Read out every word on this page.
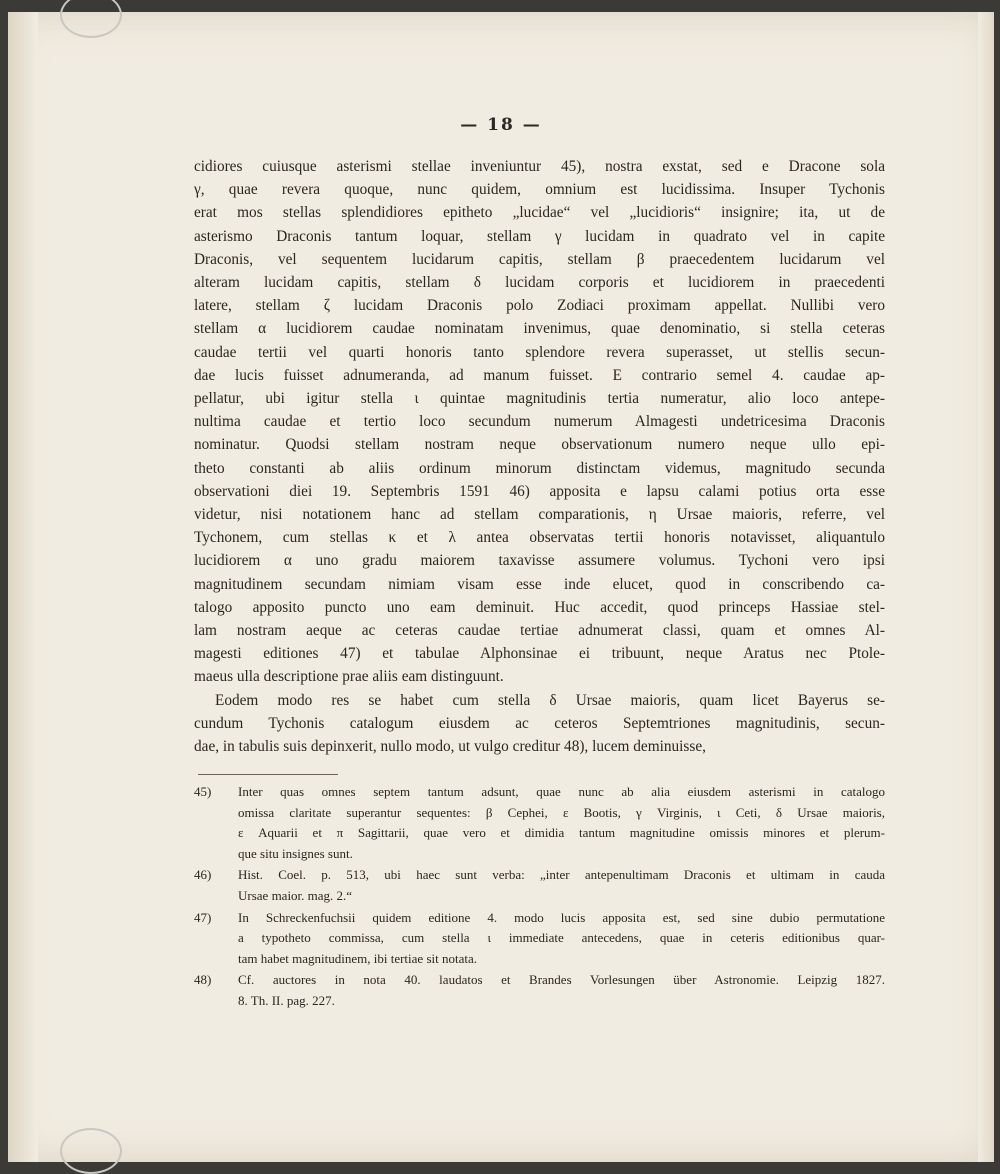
— 18 —
cidiores cuiusque asterismi stellae inveniuntur 45), nostra exstat, sed e Dracone sola
γ, quae revera quoque, nunc quidem, omnium est lucidissima. Insuper Tychonis
erat mos stellas splendidiores epitheto „lucidae“ vel „lucidioris“ insignire; ita, ut de
asterismo Draconis tantum loquar, stellam γ lucidam in quadrato vel in capite
Draconis, vel sequentem lucidarum capitis, stellam β praecedentem lucidarum vel
alteram lucidam capitis, stellam δ lucidam corporis et lucidiorem in praecedenti
latere, stellam ζ lucidam Draconis polo Zodiaci proximam appellat. Nullibi vero
stellam α lucidiorem caudae nominatam invenimus, quae denominatio, si stella ceteras
caudae tertii vel quarti honoris tanto splendore revera superasset, ut stellis secun-
dae lucis fuisset adnumeranda, ad manum fuisset. E contrario semel 4. caudae ap-
pellatur, ubi igitur stella ι quintae magnitudinis tertia numeratur, alio loco antepe-
nultima caudae et tertio loco secundum numerum Almagesti undetricesima Draconis
nominatur. Quodsi stellam nostram neque observationum numero neque ullo epi-
theto constanti ab aliis ordinum minorum distinctam videmus, magnitudo secunda
observationi diei 19. Septembris 1591 46) apposita e lapsu calami potius orta esse
videtur, nisi notationem hanc ad stellam comparationis, η Ursae maioris, referre, vel
Tychonem, cum stellas κ et λ antea observatas tertii honoris notavisset, aliquantulo
lucidiorem α uno gradu maiorem taxavisse assumere volumus. Tychoni vero ipsi
magnitudinem secundam nimiam visam esse inde elucet, quod in conscribendo ca-
talogo apposito puncto uno eam deminuit. Huc accedit, quod princeps Hassiae stel-
lam nostram aeque ac ceteras caudae tertiae adnumerat classi, quam et omnes Al-
magesti editiones 47) et tabulae Alphonsinae ei tribuunt, neque Aratus nec Ptole-
maeus ulla descriptione prae aliis eam distinguunt.
Eodem modo res se habet cum stella δ Ursae maioris, quam licet Bayerus se-
cundum Tychonis catalogum eiusdem ac ceteros Septemtriones magnitudinis, secun-
dae, in tabulis suis depinxerit, nullo modo, ut vulgo creditur 48), lucem deminuisse,
45) Inter quas omnes septem tantum adsunt, quae nunc ab alia eiusdem asterismi in catalogo
omissa claritate superantur sequentes: β Cephei, ε Bootis, γ Virginis, ι Ceti, δ Ursae maioris,
ε Aquarii et π Sagittarii, quae vero et dimidia tantum magnitudine omissis minores et plerum-
que situ insignes sunt.
46) Hist. Coel. p. 513, ubi haec sunt verba: „inter antepenultimam Draconis et ultimam in cauda
Ursae maior. mag. 2.“
47) In Schreckenfuchsii quidem editione 4. modo lucis apposita est, sed sine dubio permutatione
a typotheto commissa, cum stella ι immediate antecedens, quae in ceteris editionibus quar-
tam habet magnitudinem, ibi tertiae sit notata.
48) Cf. auctores in nota 40. laudatos et Brandes Vorlesungen über Astronomie. Leipzig 1827.
8. Th. II. pag. 227.
